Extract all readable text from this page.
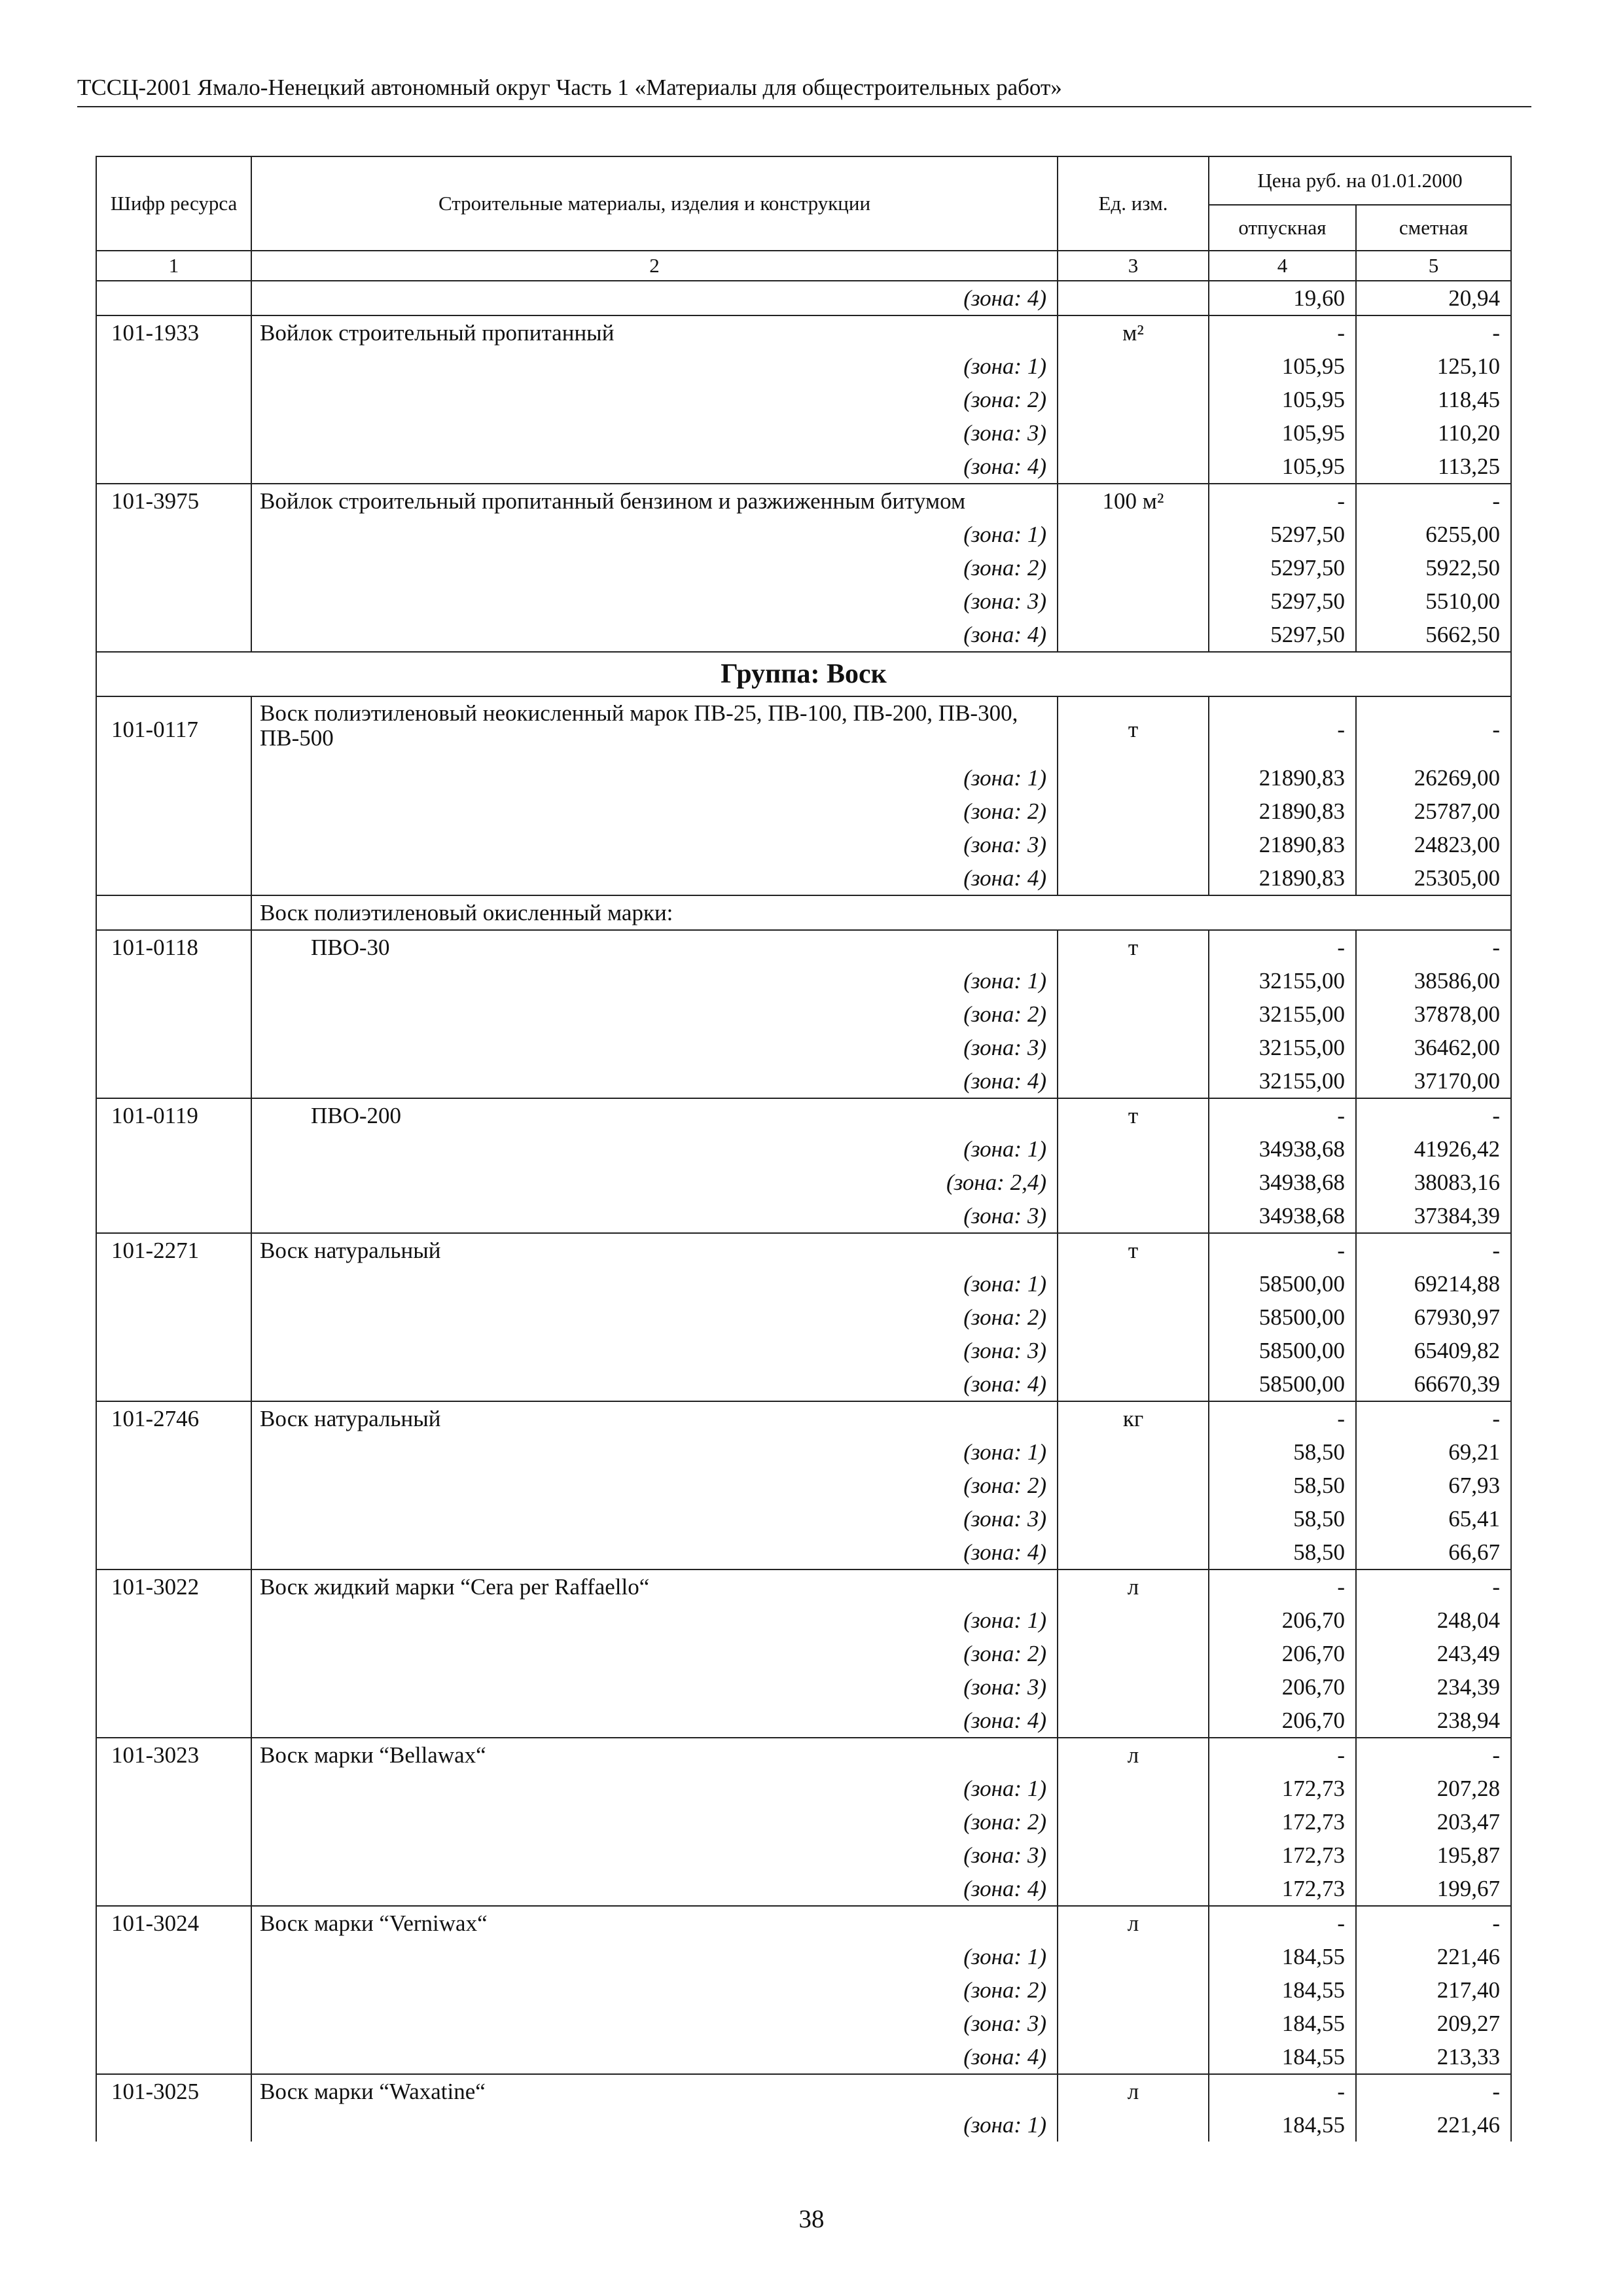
ТССЦ-2001 Ямало-Ненецкий автономный округ Часть 1 «Материалы для общестроительных работ»
Шифр ресурса	Строительные материалы, изделия и конструкции	Ед. изм.	Цена руб. на 01.01.2000	
			отпускная	сметная
1	2	3	4	5
	(зона: 4)		19,60	20,94
101-1933	Войлок строительный пропитанный	м²	-	-
	(зона: 1)		105,95	125,10
	(зона: 2)		105,95	118,45
	(зона: 3)		105,95	110,20
	(зона: 4)		105,95	113,25
101-3975	Войлок строительный пропитанный бензином и разжиженным битумом	100 м²	-	-
	(зона: 1)		5297,50	6255,00
	(зона: 2)		5297,50	5922,50
	(зона: 3)		5297,50	5510,00
	(зона: 4)		5297,50	5662,50
Группа: Воск				
101-0117	Воск полиэтиленовый неокисленный марок ПВ-25, ПВ-100, ПВ-200, ПВ-300, ПВ-500	т	-	-
	(зона: 1)		21890,83	26269,00
	(зона: 2)		21890,83	25787,00
	(зона: 3)		21890,83	24823,00
	(зона: 4)		21890,83	25305,00
	Воск полиэтиленовый окисленный марки:			
101-0118	ПВО-30	т	-	-
	(зона: 1)		32155,00	38586,00
	(зона: 2)		32155,00	37878,00
	(зона: 3)		32155,00	36462,00
	(зона: 4)		32155,00	37170,00
101-0119	ПВО-200	т	-	-
	(зона: 1)		34938,68	41926,42
	(зона: 2,4)		34938,68	38083,16
	(зона: 3)		34938,68	37384,39
101-2271	Воск натуральный	т	-	-
	(зона: 1)		58500,00	69214,88
	(зона: 2)		58500,00	67930,97
	(зона: 3)		58500,00	65409,82
	(зона: 4)		58500,00	66670,39
101-2746	Воск натуральный	кг	-	-
	(зона: 1)		58,50	69,21
	(зона: 2)		58,50	67,93
	(зона: 3)		58,50	65,41
	(зона: 4)		58,50	66,67
101-3022	Воск жидкий марки “Cera per Raffaello“	л	-	-
	(зона: 1)		206,70	248,04
	(зона: 2)		206,70	243,49
	(зона: 3)		206,70	234,39
	(зона: 4)		206,70	238,94
101-3023	Воск марки “Bellawax“	л	-	-
	(зона: 1)		172,73	207,28
	(зона: 2)		172,73	203,47
	(зона: 3)		172,73	195,87
	(зона: 4)		172,73	199,67
101-3024	Воск марки “Verniwax“	л	-	-
	(зона: 1)		184,55	221,46
	(зона: 2)		184,55	217,40
	(зона: 3)		184,55	209,27
	(зона: 4)		184,55	213,33
101-3025	Воск марки “Waxatine“	л	-	-
	(зона: 1)		184,55	221,46
38
